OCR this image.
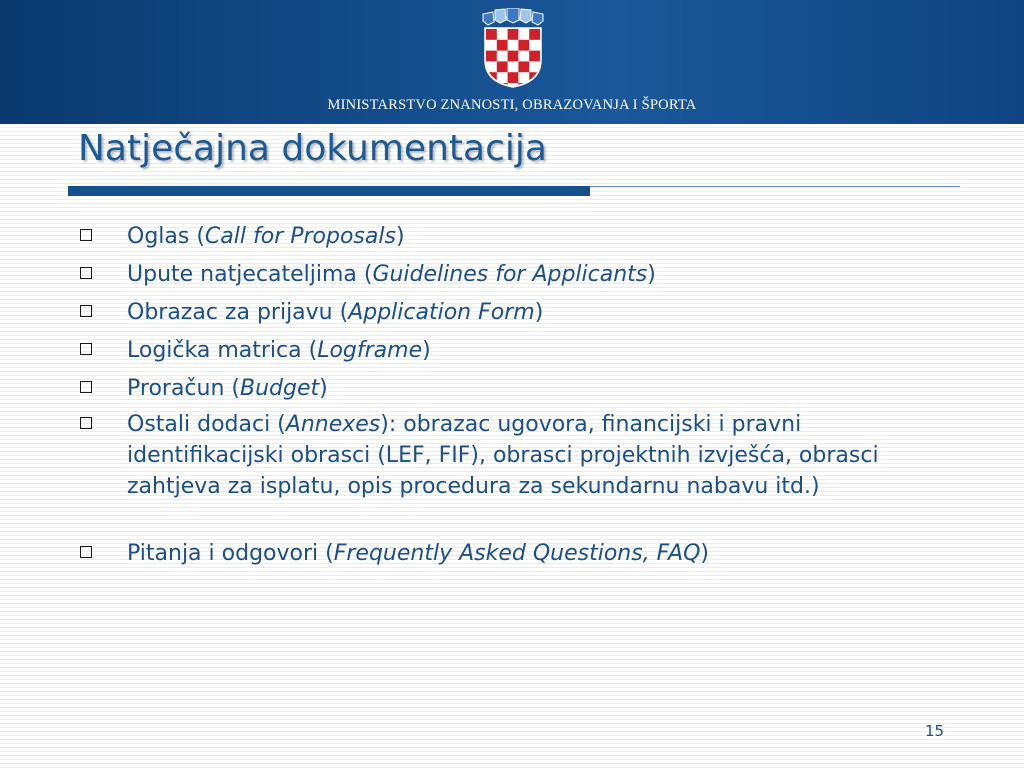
MINISTARSTVO ZNANOSTI, OBRAZOVANJA I ŠPORTA
Natječajna dokumentacija
Oglas (Call for Proposals)
Upute natjecateljima (Guidelines for Applicants)
Obrazac za prijavu (Application Form)
Logička matrica (Logframe)
Proračun (Budget)
Ostali dodaci (Annexes): obrazac ugovora, financijski i pravni identifikacijski obrasci (LEF, FIF), obrasci projektnih izvješća, obrasci zahtjeva za isplatu, opis procedura za sekundarnu nabavu itd.)
Pitanja i odgovori (Frequently Asked Questions, FAQ)
15
